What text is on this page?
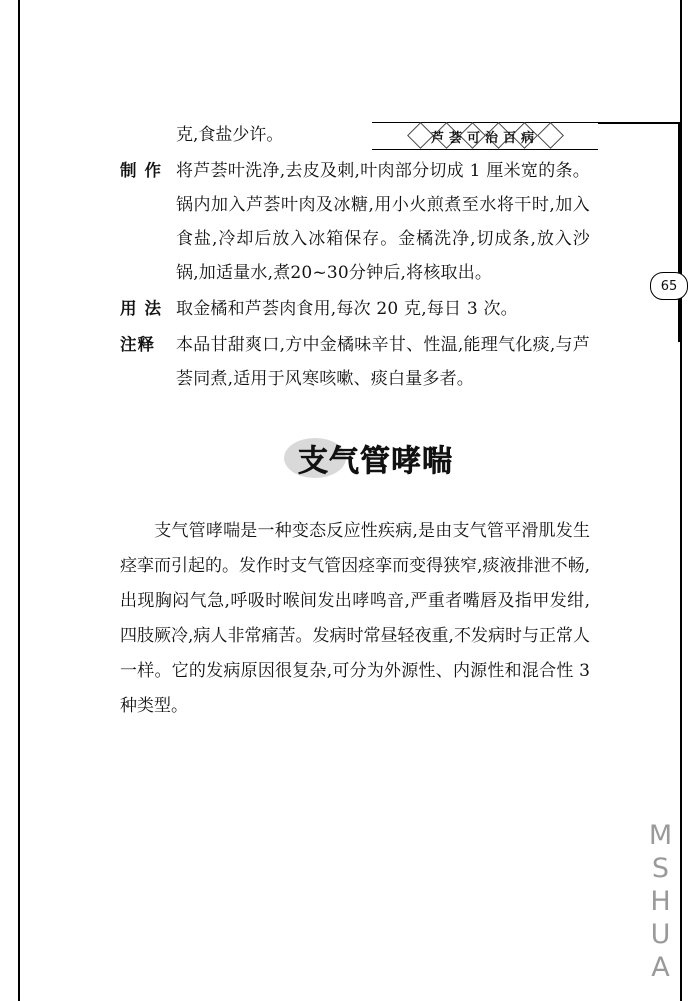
芦荟可治百病
65
克,食盐少许。
制作 将芦荟叶洗净,去皮及刺,叶肉部分切成 1 厘米宽的条。锅内加入芦荟叶肉及冰糖,用小火煎煮至水将干时,加入食盐,冷却后放入冰箱保存。金橘洗净,切成条,放入沙锅,加适量水,煮20~30分钟后,将核取出。
用法 取金橘和芦荟肉食用,每次 20 克,每日 3 次。
注释	本品甘甜爽口,方中金橘味辛甘、性温,能理气化痰,与芦荟同煮,适用于风寒咳嗽、痰白量多者。
支气管哮喘
支气管哮喘是一种变态反应性疾病,是由支气管平滑肌发生痉挛而引起的。发作时支气管因痉挛而变得狭窄,痰液排泄不畅,出现胸闷气急,呼吸时喉间发出哮鸣音,严重者嘴唇及指甲发绀,四肢厥冷,病人非常痛苦。发病时常昼轻夜重,不发病时与正常人一样。它的发病原因很复杂,可分为外源性、内源性和混合性 3 种类型。
MSHUA
